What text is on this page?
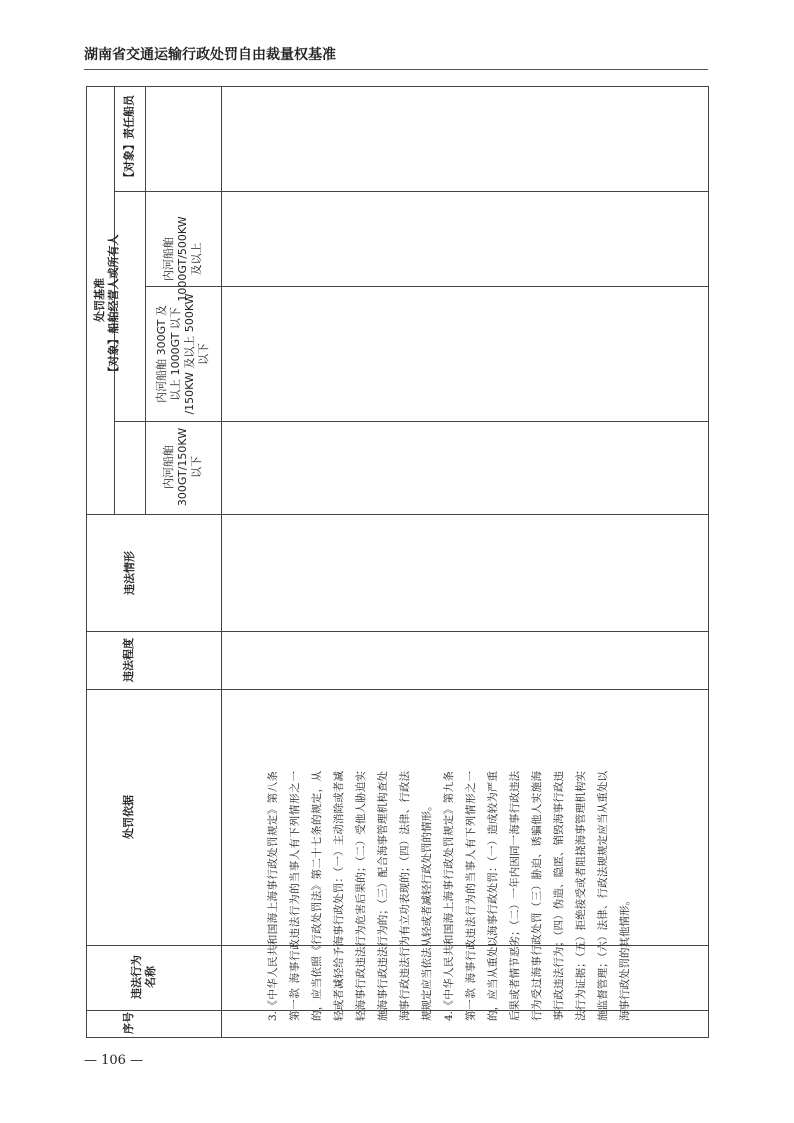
湖南省交通运输行政处罚自由裁量权基准
处罚基准
【对象】责任船员
【对象】船舶经营人或所有人	内河船舶
1000GT/500KW
及以上
内河船舶 300GT 及
以上 1000GT 以下
/150KW 及以上 500KW
以下
内河船舶
300GT/150KW
以下
违法情形
违法程度
处罚依据
违法行为
名称
序号

3.《中华人民共和国海上海事行政处罚规定》第八条第一款 海事行政违法行为的当事人有下列情形之一的，应当依照《行政处罚法》第二十七条的规定，从轻或者减轻给予海事行政处罚：（一）主动消除或者减轻海事行政违法行为危害后果的；（二）受他人胁迫实施海事行政违法行为的；（三）配合海事管理机构查处海事行政违法行为有立功表现的；（四）法律、行政法规规定应当依法从轻或者减轻行政处罚的情形。 4.《中华人民共和国海上海事行政处罚规定》第九条第一款 海事行政违法行为的当事人有下列情形之一的，应当从重处以海事行政处罚：（一）造成较为严重后果或者情节恶劣；（二）一年内因同一海事行政违法行为受过海事行政处罚（三）胁迫、诱骗他人实施海事行政违法行为；（四）伪造、隐匿、销毁海事行政违法行为证据；（五）拒绝接受或者阻挠海事管理机构实施监督管理；（六）法律、行政法规规定应当从重处以海事行政处罚的其他情形。

— 106 —
